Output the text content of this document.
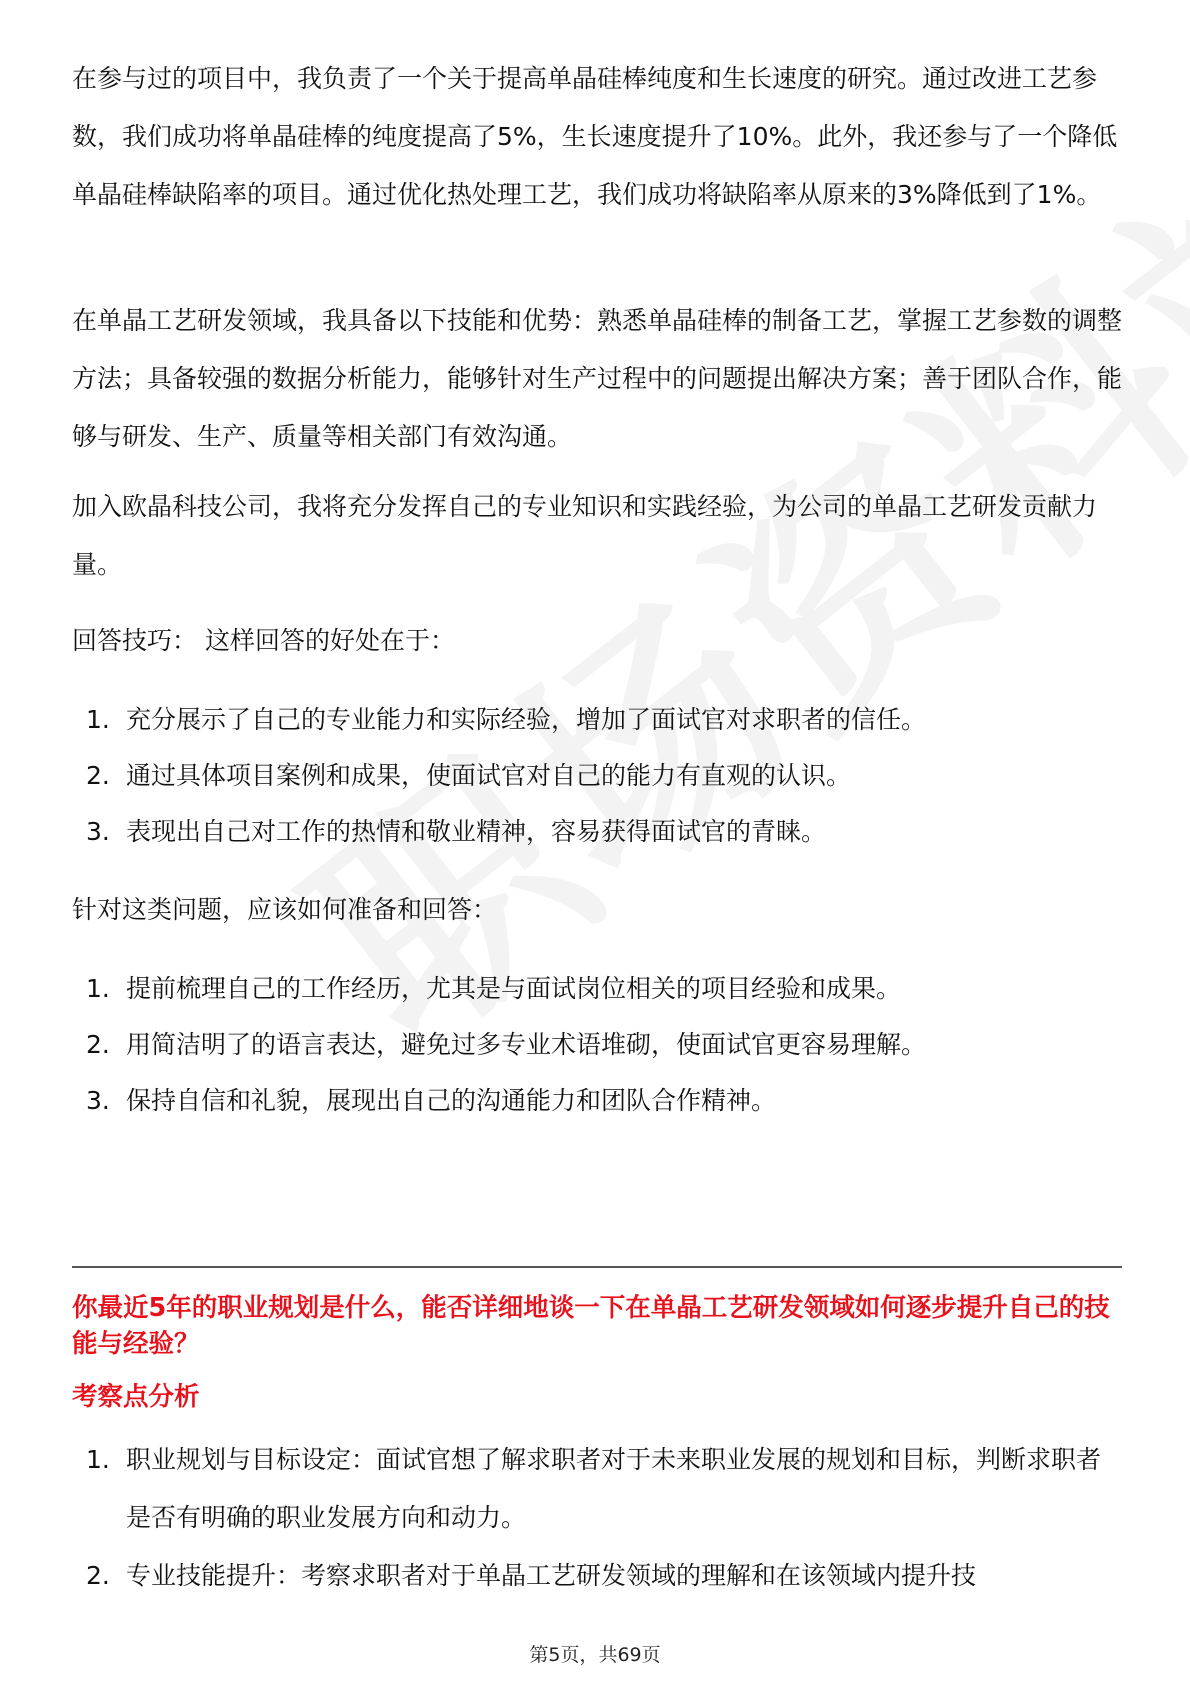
在参与过的项目中，我负责了一个关于提高单晶硅棒纯度和生长速度的研究。通过改进工艺参数，我们成功将单晶硅棒的纯度提高了5%，生长速度提升了10%。此外，我还参与了一个降低单晶硅棒缺陷率的项目。通过优化热处理工艺，我们成功将缺陷率从原来的3%降低到了1%。

在单晶工艺研发领域，我具备以下技能和优势：熟悉单晶硅棒的制备工艺，掌握工艺参数的调整方法；具备较强的数据分析能力，能够针对生产过程中的问题提出解决方案；善于团队合作，能够与研发、生产、质量等相关部门有效沟通。

加入欧晶科技公司，我将充分发挥自己的专业知识和实践经验，为公司的单晶工艺研发贡献力量。

回答技巧： 这样回答的好处在于：

1. 充分展示了自己的专业能力和实际经验，增加了面试官对求职者的信任。
2. 通过具体项目案例和成果，使面试官对自己的能力有直观的认识。
3. 表现出自己对工作的热情和敬业精神，容易获得面试官的青睐。

针对这类问题，应该如何准备和回答：

1. 提前梳理自己的工作经历，尤其是与面试岗位相关的项目经验和成果。
2. 用简洁明了的语言表达，避免过多专业术语堆砌，使面试官更容易理解。
3. 保持自信和礼貌，展现出自己的沟通能力和团队合作精神。
你最近5年的职业规划是什么，能否详细地谈一下在单晶工艺研发领域如何逐步提升自己的技能与经验？
考察点分析
1. 职业规划与目标设定：面试官想了解求职者对于未来职业发展的规划和目标，判断求职者是否有明确的职业发展方向和动力。
2. 专业技能提升：考察求职者对于单晶工艺研发领域的理解和在该领域内提升技
第5页，共69页
